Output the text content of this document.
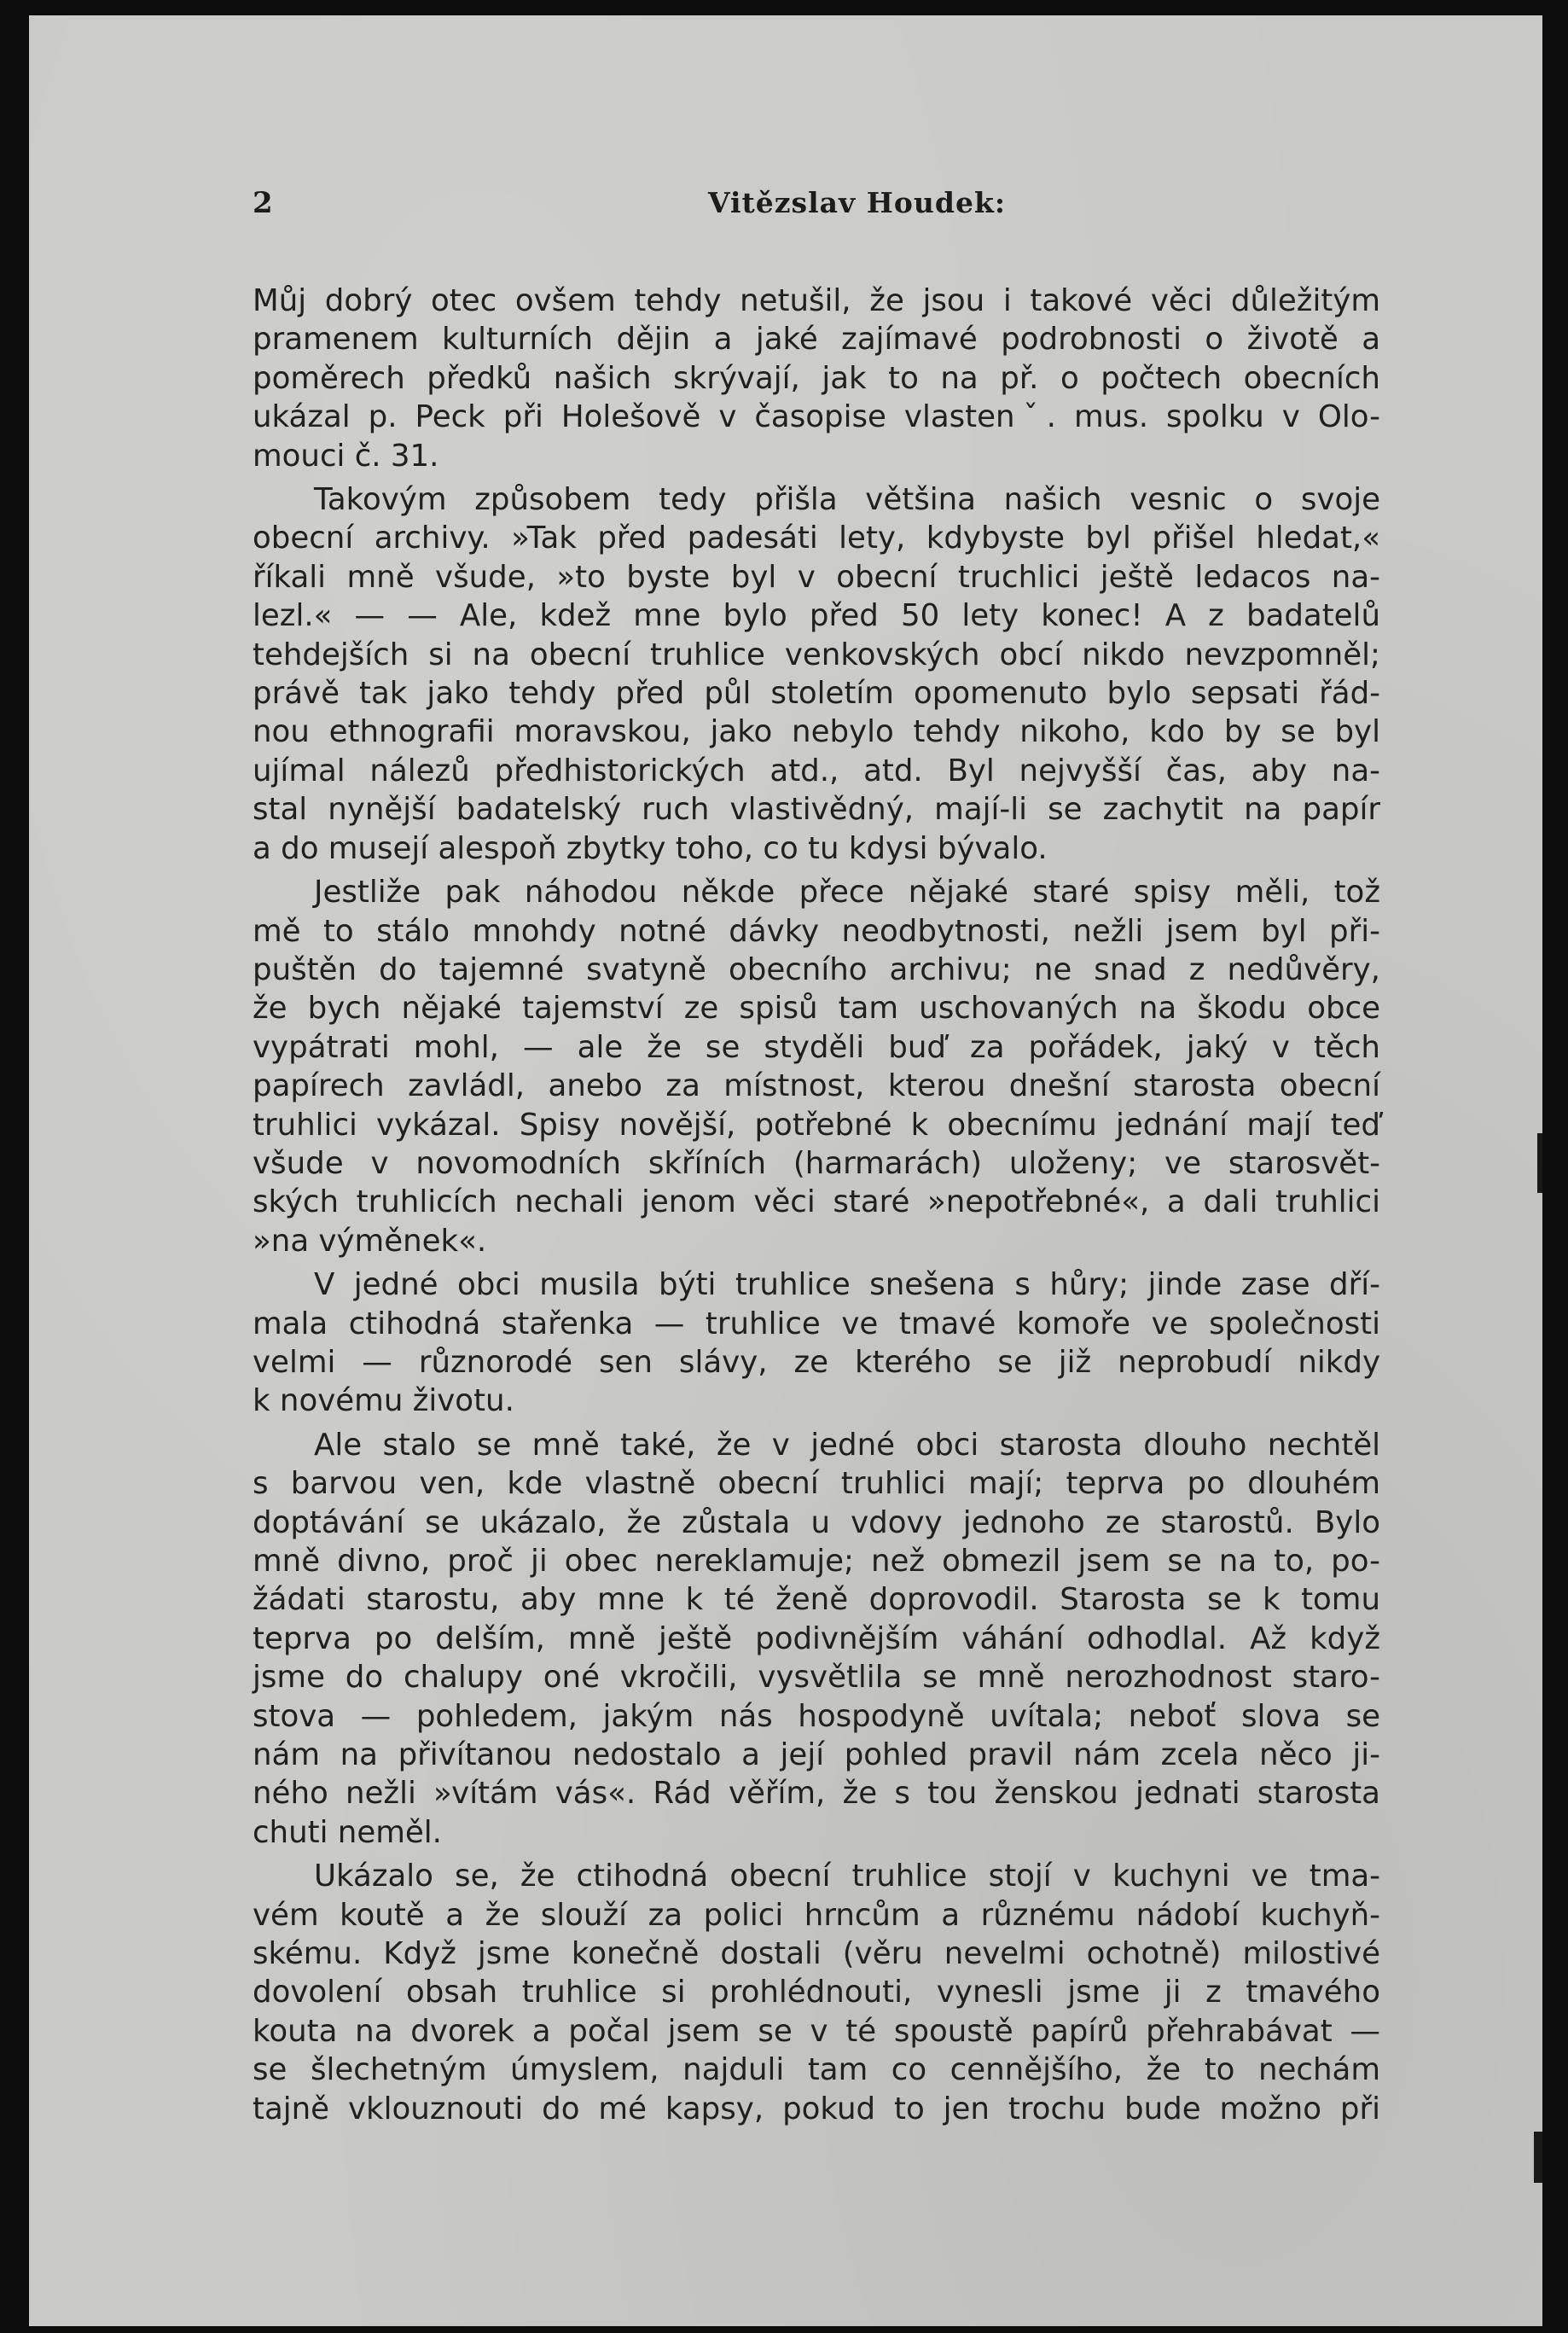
2	Vitězslav Houdek:
Můj dobrý otec ovšem tehdy netušil, že jsou i takové věci důležitým
pramenem kulturních dějin a jaké zajímavé podrobnosti o životě a
poměrech předků našich skrývají, jak to na př. o počtech obecních
ukázal p. Peck při Holešově v časopise vlastenˇ. mus. spolku v Olo-
mouci č. 31.
Takovým způsobem tedy přišla většina našich vesnic o svoje
obecní archivy. »Tak před padesáti lety, kdybyste byl přišel hledat,«
říkali mně všude, »to byste byl v obecní truchlici ještě ledacos na-
lezl.« — — Ale, kdež mne bylo před 50 lety konec! A z badatelů
tehdejších si na obecní truhlice venkovských obcí nikdo nevzpomněl;
právě tak jako tehdy před půl stoletím opomenuto bylo sepsati řád-
nou ethnografii moravskou, jako nebylo tehdy nikoho, kdo by se byl
ujímal nálezů předhistorických atd., atd. Byl nejvyšší čas, aby na-
stal nynější badatelský ruch vlastivědný, mají-li se zachytit na papír
a do musejí alespoň zbytky toho, co tu kdysi bývalo.
Jestliže pak náhodou někde přece nějaké staré spisy měli, tož
mě to stálo mnohdy notné dávky neodbytnosti, nežli jsem byl při-
puštěn do tajemné svatyně obecního archivu; ne snad z nedůvěry,
že bych nějaké tajemství ze spisů tam uschovaných na škodu obce
vypátrati mohl, — ale že se styděli buď za pořádek, jaký v těch
papírech zavládl, anebo za místnost, kterou dnešní starosta obecní
truhlici vykázal. Spisy novější, potřebné k obecnímu jednání mají teď
všude v novomodních skříních (harmarách) uloženy; ve starosvět-
ských truhlicích nechali jenom věci staré »nepotřebné«, a dali truhlici
»na výměnek«.
V jedné obci musila býti truhlice snešena s hůry; jinde zase dří-
mala ctihodná stařenka — truhlice ve tmavé komoře ve společnosti
velmi — různorodé sen slávy, ze kterého se již neprobudí nikdy
k novému životu.
Ale stalo se mně také, že v jedné obci starosta dlouho nechtěl
s barvou ven, kde vlastně obecní truhlici mají; teprva po dlouhém
doptávání se ukázalo, že zůstala u vdovy jednoho ze starostů. Bylo
mně divno, proč ji obec nereklamuje; než obmezil jsem se na to, po-
žádati starostu, aby mne k té ženě doprovodil. Starosta se k tomu
teprva po delším, mně ještě podivnějším váhání odhodlal. Až když
jsme do chalupy oné vkročili, vysvětlila se mně nerozhodnost staro-
stova — pohledem, jakým nás hospodyně uvítala; neboť slova se
nám na přivítanou nedostalo a její pohled pravil nám zcela něco ji-
ného nežli »vítám vás«. Rád věřím, že s tou ženskou jednati starosta
chuti neměl.
Ukázalo se, že ctihodná obecní truhlice stojí v kuchyni ve tma-
vém koutě a že slouží za polici hrncům a různému nádobí kuchyň-
skému. Když jsme konečně dostali (věru nevelmi ochotně) milostivé
dovolení obsah truhlice si prohlédnouti, vynesli jsme ji z tmavého
kouta na dvorek a počal jsem se v té spoustě papírů přehrabávat —
se šlechetným úmyslem, najduli tam co cennějšího, že to nechám
tajně vklouznouti do mé kapsy, pokud to jen trochu bude možno při
